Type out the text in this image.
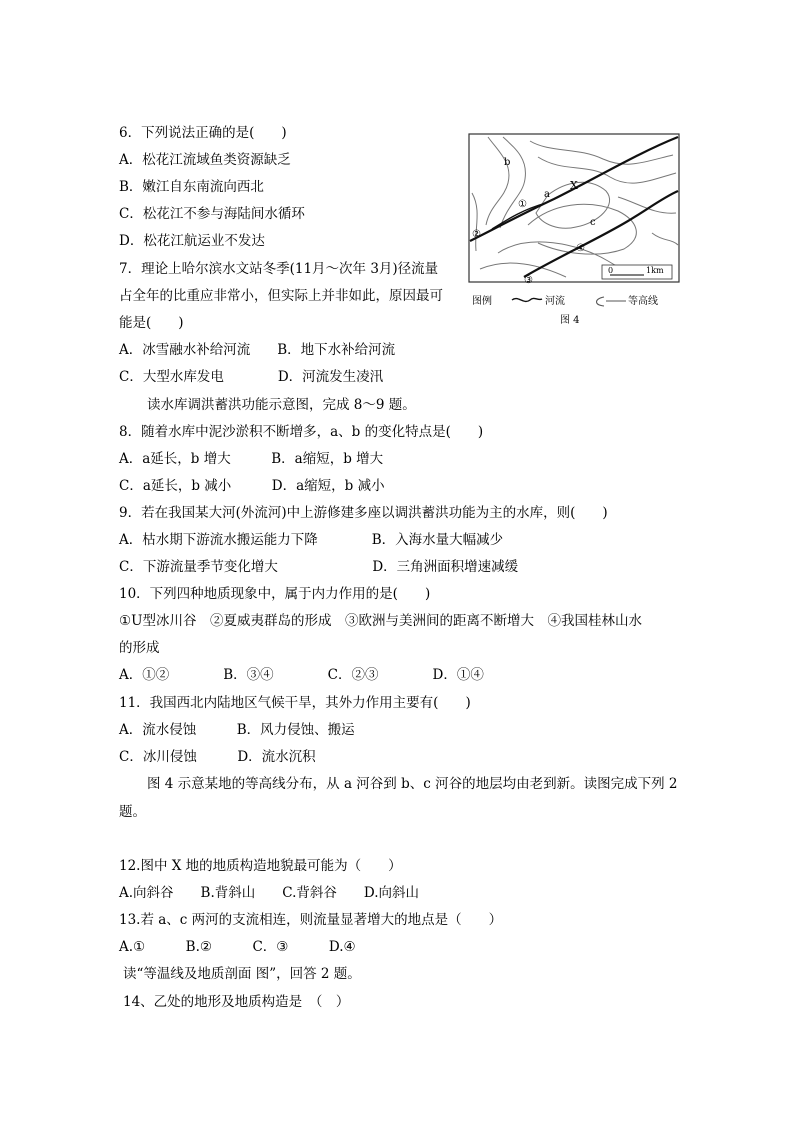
6．下列说法正确的是(　　)
A．松花江流域鱼类资源缺乏
B．嫩江自东南流向西北
C．松花江不参与海陆间水循环
D．松花江航运业不发达
7．理论上哈尔滨水文站冬季(11月～次年 3月)径流量
占全年的比重应非常小，但实际上并非如此，原因最可
能是(　　)
A．冰雪融水补给河流　　B．地下水补给河流
C．大型水库发电　　　　D．河流发生凌汛
读水库调洪蓄洪功能示意图，完成 8～9 题。
8．随着水库中泥沙淤积不断增多，a、b 的变化特点是(　　)
A．a延长，b 增大　　　B．a缩短，b 增大
C．a延长，b 减小　　　D．a缩短，b 减小
9．若在我国某大河(外流河)中上游修建多座以调洪蓄洪功能为主的水库，则(　　)
A．枯水期下游流水搬运能力下降　　　　B．入海水量大幅减少
C．下游流量季节变化增大　　　　　　　D．三角洲面积增速减缓
10．下列四种地质现象中，属于内力作用的是(　　)
①U型冰川谷　②夏威夷群岛的形成　③欧洲与美洲间的距离不断增大　④我国桂林山水
的形成
A．①②　　　　B．③④　　　　C．②③　　　　D．①④
11．我国西北内陆地区气候干旱，其外力作用主要有(　　)
A．流水侵蚀　　　B．风力侵蚀、搬运
C．冰川侵蚀　　　D．流水沉积
图 4 示意某地的等高线分布，从 a 河谷到 b、c 河谷的地层均由老到新。读图完成下列 2
题。
12.图中 X 地的地质构造地貌最可能为（　　）
A.向斜谷　　B.背斜山　　C.背斜谷　　D.向斜山
13.若 a、c 两河的支流相连，则流量显著增大的地点是（　　）
A.①　　　B.②　　　C．③　　　D.④
读“等温线及地质剖面 图”，回答 2 题。
14、乙处的地形及地质构造是　（　）
b
a
X
c
①
②
③
④
0	1km
图例	河流	等高线
图 4
